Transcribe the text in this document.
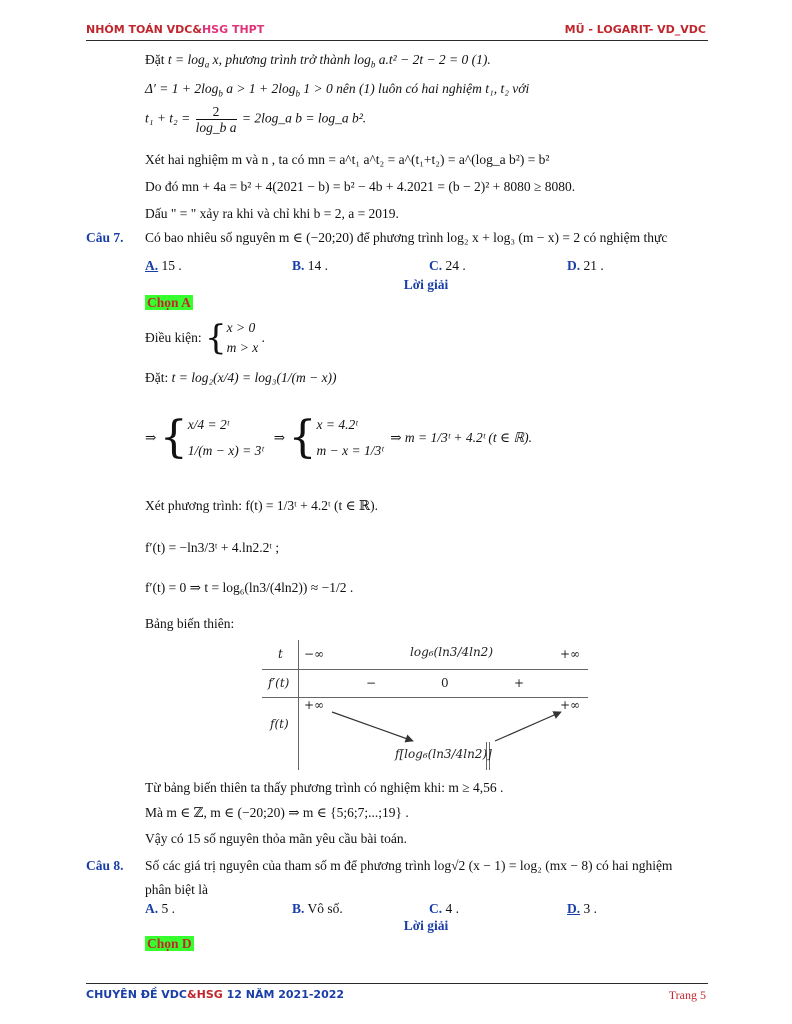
NHÓM TOÁN VDC&HSG THPT	MŨ - LOGARIT- VD_VDC
Đặt $t = \log_a x$, phương trình trở thành $\log_b a.t^2 - 2t - 2 = 0$ (1).
$\Delta' = 1 + 2\log_b$ $a > 1 + 2\log_b$ 1 > 0 nên (1) luôn có hai nghiệm t₁, t₂ với
$t_1 + t_2 = \frac{2}{\text{log\_b a}}$ = 2log_a b = log_a b².
Xét hai nghiệm m và n , ta có mn = a^t₁ a^t₂ = a^(t₁+t₂) = a^(log_a b²) = b²
Do đó mn + 4a = b² + 4(2021 − b) = b² − 4b + 4.2021 = (b − 2)² + 8080 ≥ 8080.
Dấu " = " xảy ra khi và chỉ khi b = 2, a = 2019.
Câu 7. Có bao nhiêu số nguyên m ∈ (−20;20) để phương trình log₂ x + log₃ (m − x) = 2 có nghiệm thực
A. 15 .	B. 14 .	C. 24 .	D. 21 .
Lời giải
Chọn A
Điều kiện: {x > 0
m > x .
Đặt: t = log₂(x/4) = log₃(1/(m − x))
⇒ {x/4 = 2ᵗ
1/(m − x) = 3ᵗ   ⇒ {x = 4.2ᵗ
m − x = 1/3ᵗ  ⇒ m = 1/3ᵗ + 4.2ᵗ (t ∈ ℝ).
Xét phương trình: f(t) = 1/3ᵗ + 4.2ᵗ (t ∈ ℝ).
f′(t) = −ln3/3ᵗ + 4.ln2.2ᵗ ;
f′(t) = 0 ⇒ t = log₆(ln3/(4ln2)) ≈ −1/2 .
Bảng biến thiên:
t −∞	log₆(ln3/4ln2)	+∞
f′(t)	−	0	+
f(t)
+∞	+∞
f[log₆(ln3/4ln2)]
Từ bảng biến thiên ta thấy phương trình có nghiệm khi: m ≥ 4,56 .
Mà m ∈ ℤ, m ∈ (−20;20) ⇒ m ∈ {5;6;7;...;19} .
Vậy có 15 số nguyên thỏa mãn yêu cầu bài toán.
Câu 8. Số các giá trị nguyên của tham số m để phương trình log√2 (x − 1) = log₂ (mx − 8) có hai nghiệm
phân biệt là
A. 5 .	B. Vô số.	C. 4 .	D. 3 .
Lời giải
Chọn D
CHUYÊN ĐỀ VDC&HSG 12 NĂM 2021-2022	Trang 5
